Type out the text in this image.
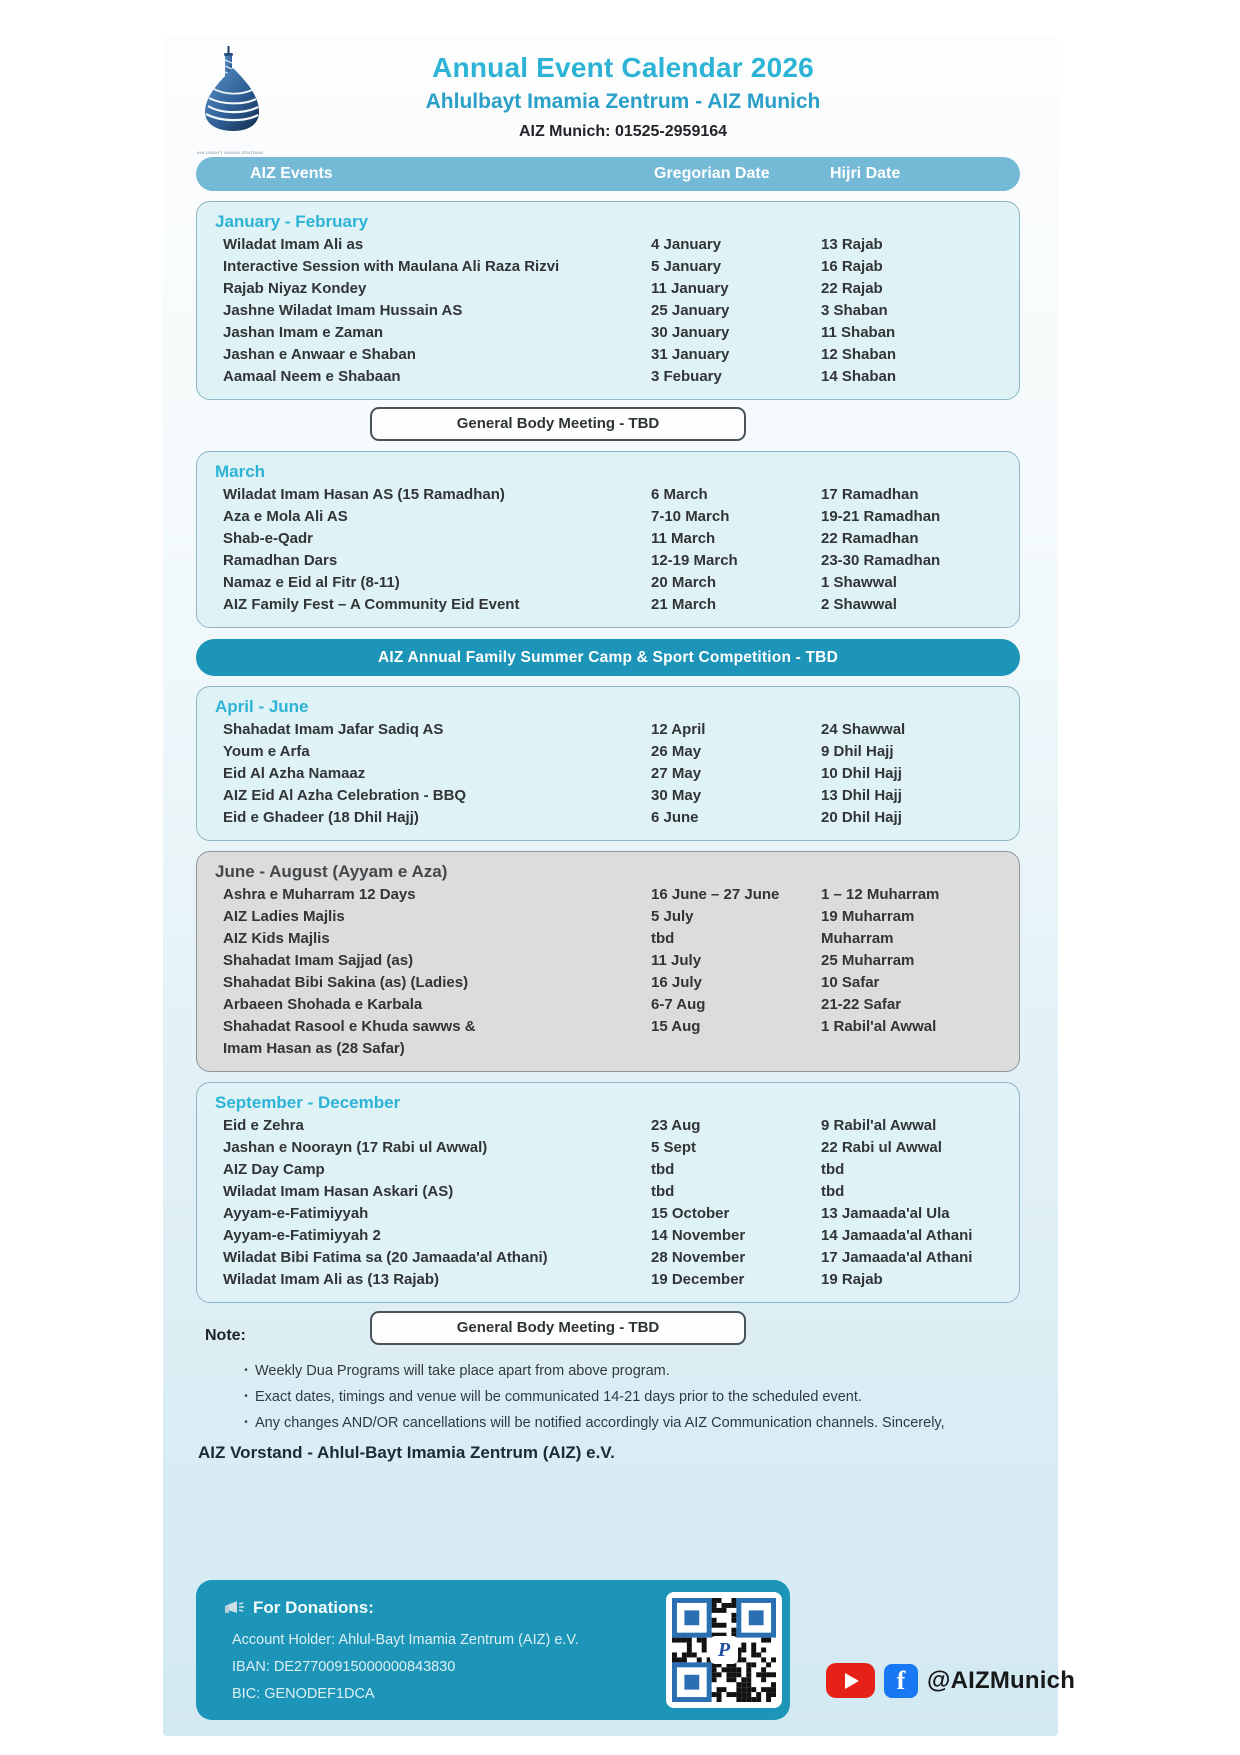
AHLULBAYT IMAMIA ZENTRUM
Annual Event Calendar 2026
Ahlulbayt Imamia Zentrum - AIZ Munich
AIZ Munich: 01525-2959164
AIZ Events	Gregorian Date	Hijri Date
January - February
Wiladat Imam Ali as	4 January	13 Rajab
Interactive Session with Maulana Ali Raza Rizvi	5 January	16 Rajab
Rajab Niyaz Kondey	11 January	22 Rajab
Jashne Wiladat Imam Hussain AS	25 January	3 Shaban
Jashan Imam e Zaman	30 January	11 Shaban
Jashan e Anwaar e Shaban	31 January	12 Shaban
Aamaal Neem e Shabaan	3 Febuary	14 Shaban
General Body Meeting - TBD
March
Wiladat Imam Hasan AS (15 Ramadhan)	6 March	17 Ramadhan
Aza e Mola Ali AS	7-10 March	19-21 Ramadhan
Shab-e-Qadr	11 March	22 Ramadhan
Ramadhan Dars	12-19 March	23-30 Ramadhan
Namaz e Eid al Fitr (8-11)	20 March	1 Shawwal
AIZ Family Fest – A Community Eid Event	21 March	2 Shawwal
AIZ Annual Family Summer Camp & Sport Competition - TBD
April - June
Shahadat Imam Jafar Sadiq AS	12 April	24 Shawwal
Youm e Arfa	26 May	9 Dhil Hajj
Eid Al Azha Namaaz	27 May	10 Dhil Hajj
AIZ Eid Al Azha Celebration - BBQ	30 May	13 Dhil Hajj
Eid e Ghadeer (18 Dhil Hajj)	6 June	20 Dhil Hajj
June - August (Ayyam e Aza)
Ashra e Muharram 12 Days	16 June – 27 June	1 – 12 Muharram
AIZ Ladies Majlis	5 July	19 Muharram
AIZ Kids Majlis	tbd	Muharram
Shahadat Imam Sajjad (as)	11 July	25 Muharram
Shahadat Bibi Sakina (as) (Ladies)	16 July	10 Safar
Arbaeen Shohada e Karbala	6-7 Aug	21-22 Safar
Shahadat Rasool e Khuda sawws &	15 Aug	1 Rabil'al Awwal
Imam Hasan as (28 Safar)
September - December
Eid e Zehra	23 Aug	9 Rabil'al Awwal
Jashan e Noorayn (17 Rabi ul Awwal)	5 Sept	22 Rabi ul Awwal
AIZ Day Camp	tbd	tbd
Wiladat Imam Hasan Askari (AS)	tbd	tbd
Ayyam-e-Fatimiyyah	15 October	13 Jamaada'al Ula
Ayyam-e-Fatimiyyah 2	14 November	14 Jamaada'al Athani
Wiladat Bibi Fatima sa (20 Jamaada'al Athani)	28 November	17 Jamaada'al Athani
Wiladat Imam Ali as (13 Rajab)	19 December	19 Rajab
Note:	General Body Meeting - TBD
• Weekly Dua Programs will take place apart from above program.
• Exact dates, timings and venue will be communicated 14-21 days prior to the scheduled event.
• Any changes AND/OR cancellations will be notified accordingly via AIZ Communication channels. Sincerely,
AIZ Vorstand - Ahlul-Bayt Imamia Zentrum (AIZ) e.V.
For Donations:
Account Holder: Ahlul-Bayt Imamia Zentrum (AIZ) e.V.
IBAN: DE27700915000000843830
BIC: GENODEF1DCA
P
f @AIZMunich
